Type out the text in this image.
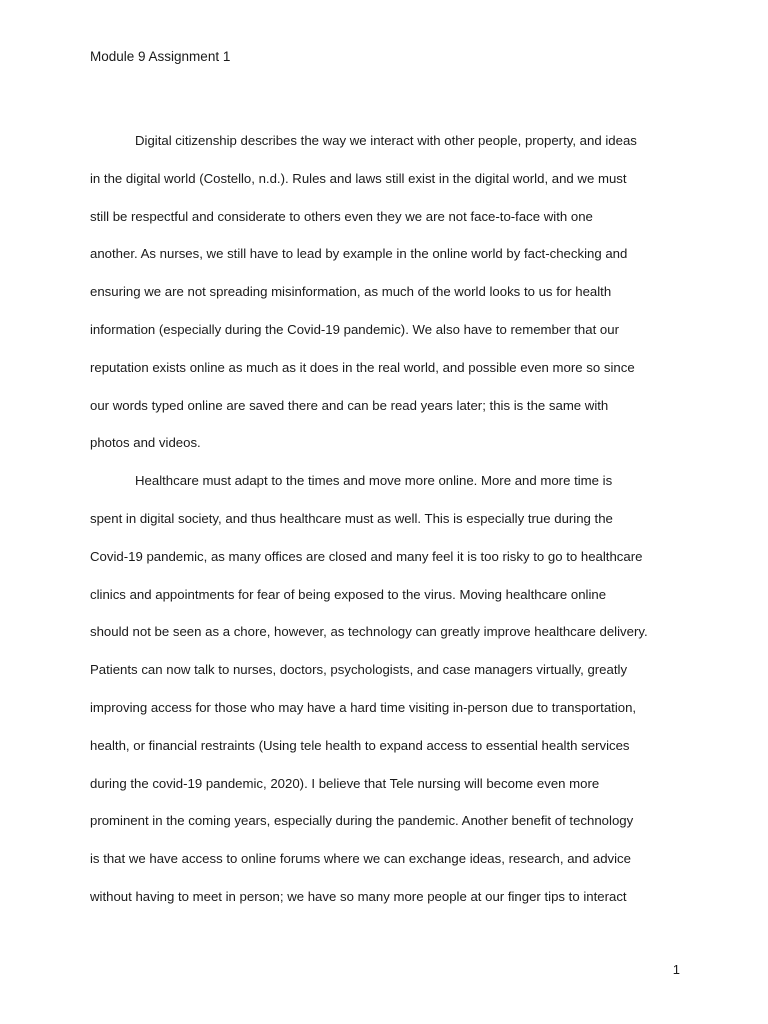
Module 9 Assignment 1
Digital citizenship describes the way we interact with other people, property, and ideas
in the digital world (Costello, n.d.). Rules and laws still exist in the digital world, and we must
still be respectful and considerate to others even they we are not face-to-face with one
another. As nurses, we still have to lead by example in the online world by fact-checking and
ensuring we are not spreading misinformation, as much of the world looks to us for health
information (especially during the Covid-19 pandemic). We also have to remember that our
reputation exists online as much as it does in the real world, and possible even more so since
our words typed online are saved there and can be read years later; this is the same with
photos and videos.
Healthcare must adapt to the times and move more online. More and more time is
spent in digital society, and thus healthcare must as well. This is especially true during the
Covid-19 pandemic, as many offices are closed and many feel it is too risky to go to healthcare
clinics and appointments for fear of being exposed to the virus. Moving healthcare online
should not be seen as a chore, however, as technology can greatly improve healthcare delivery.
Patients can now talk to nurses, doctors, psychologists, and case managers virtually, greatly
improving access for those who may have a hard time visiting in-person due to transportation,
health, or financial restraints (Using tele health to expand access to essential health services
during the covid-19 pandemic, 2020). I believe that Tele nursing will become even more
prominent in the coming years, especially during the pandemic. Another benefit of technology
is that we have access to online forums where we can exchange ideas, research, and advice
without having to meet in person; we have so many more people at our finger tips to interact
1
